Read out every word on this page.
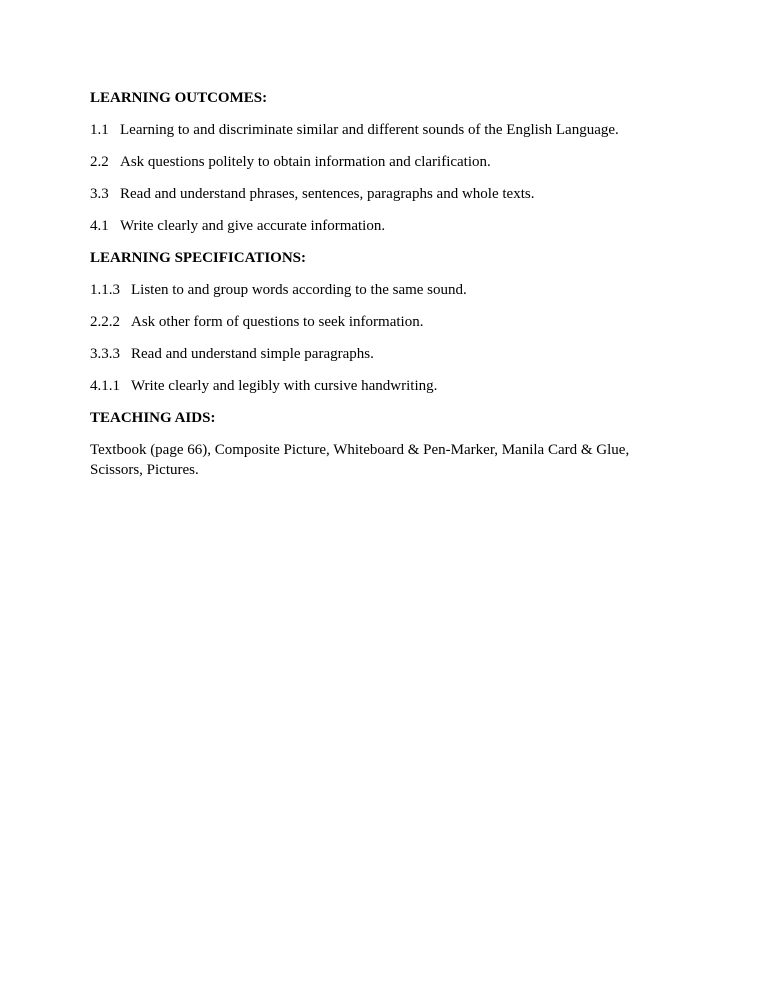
LEARNING OUTCOMES:

1.1 Learning to and discriminate similar and different sounds of the English Language.

2.2 Ask questions politely to obtain information and clarification.

3.3 Read and understand phrases, sentences, paragraphs and whole texts.

4.1 Write clearly and give accurate information.

LEARNING SPECIFICATIONS:

1.1.3 Listen to and group words according to the same sound.

2.2.2 Ask other form of questions to seek information.

3.3.3 Read and understand simple paragraphs.

4.1.1 Write clearly and legibly with cursive handwriting.

TEACHING AIDS:

Textbook (page 66), Composite Picture, Whiteboard & Pen-Marker, Manila Card & Glue, Scissors, Pictures.
